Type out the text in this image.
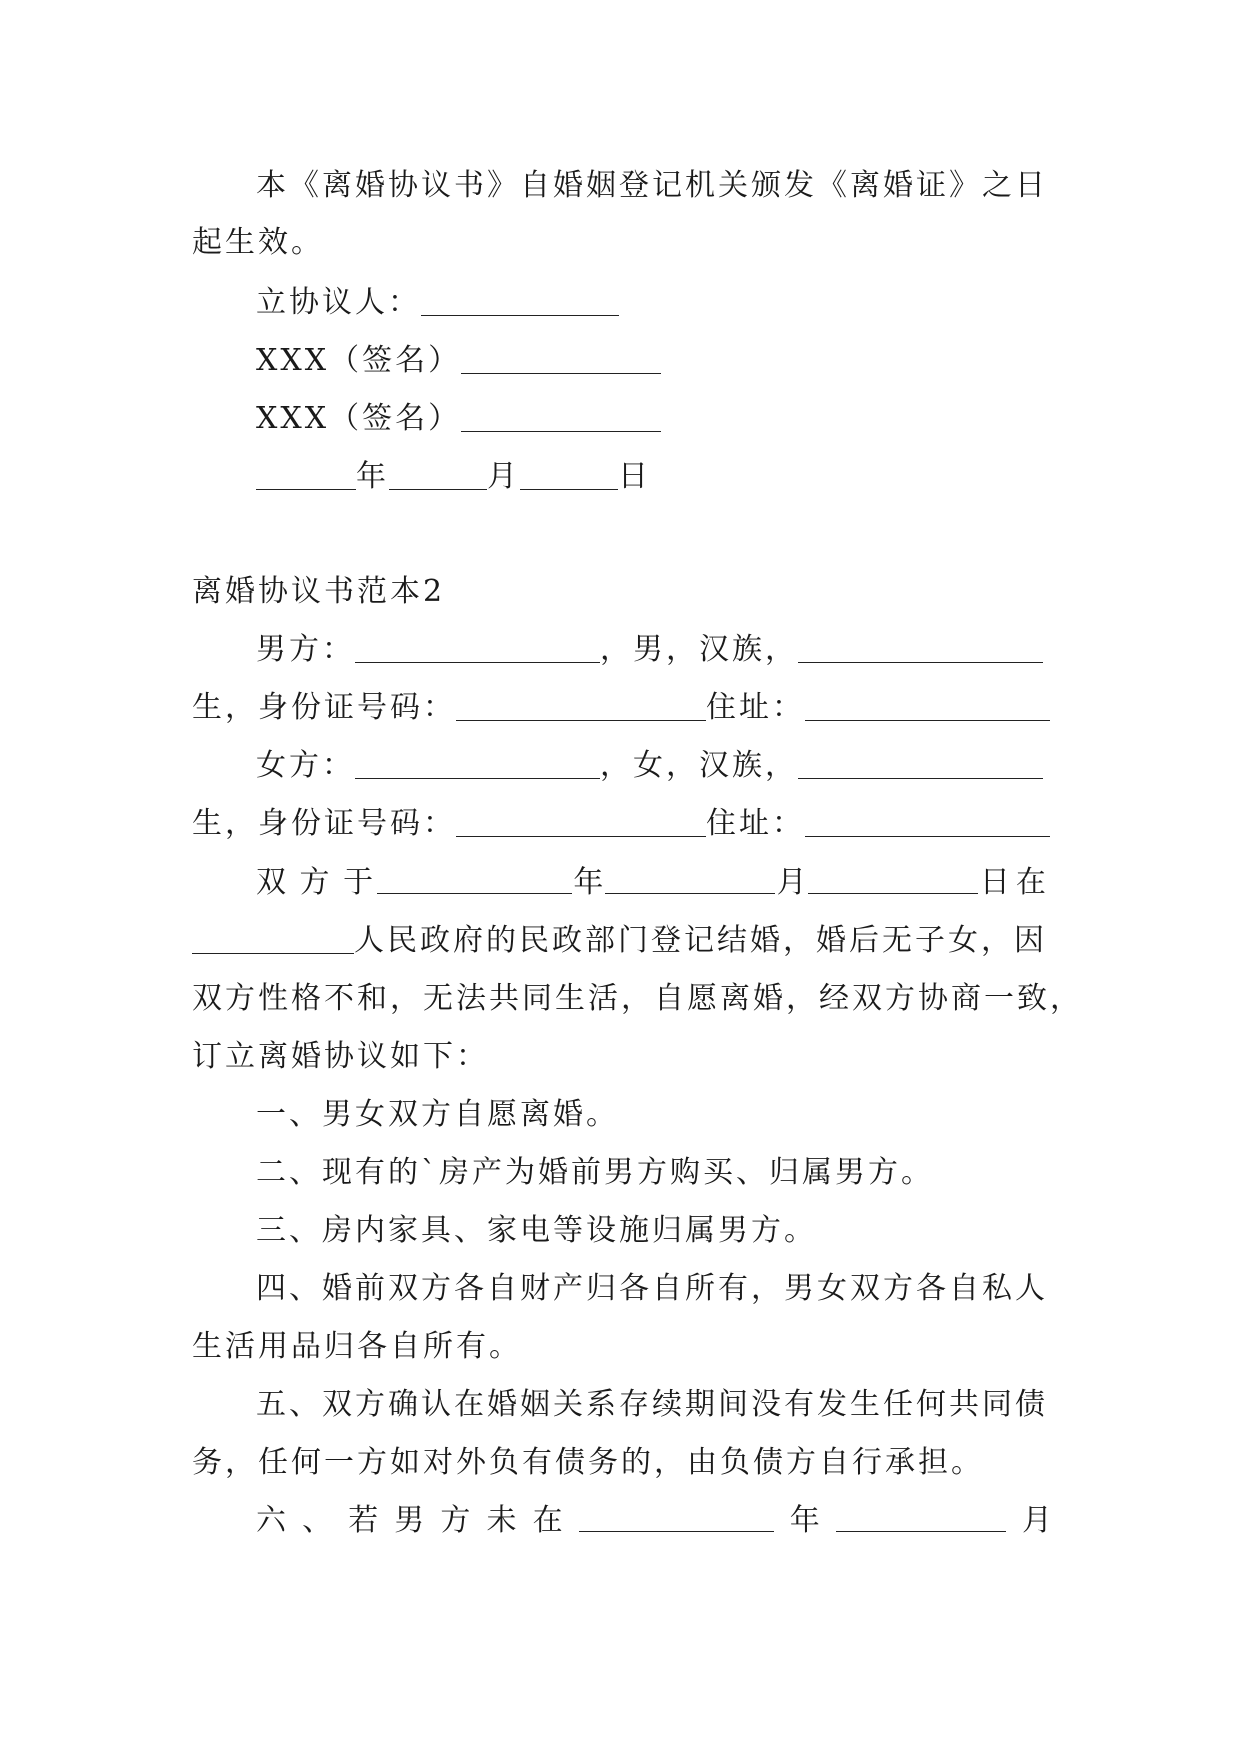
本《离婚协议书》自婚姻登记机关颁发《离婚证》之日
起生效。
立协议人：
XXX（签名）
XXX（签名）
年	月	日
离婚协议书范本2
男方：	，男，汉族，
生，身份证号码：	住址：
女方：	，女，汉族，
生，身份证号码：	住址：
双 方 于	年	月	日在
人民政府的民政部门登记结婚，婚后无子女，因
双方性格不和，无法共同生活，自愿离婚，经双方协商一致，
订立离婚协议如下：
一、男女双方自愿离婚。
二、现有的`房产为婚前男方购买、归属男方。
三、房内家具、家电等设施归属男方。
四、婚前双方各自财产归各自所有，男女双方各自私人
生活用品归各自所有。
五、双方确认在婚姻关系存续期间没有发生任何共同债
务，任何一方如对外负有债务的，由负债方自行承担。
六 、 若 男 方 未 在	年	月
